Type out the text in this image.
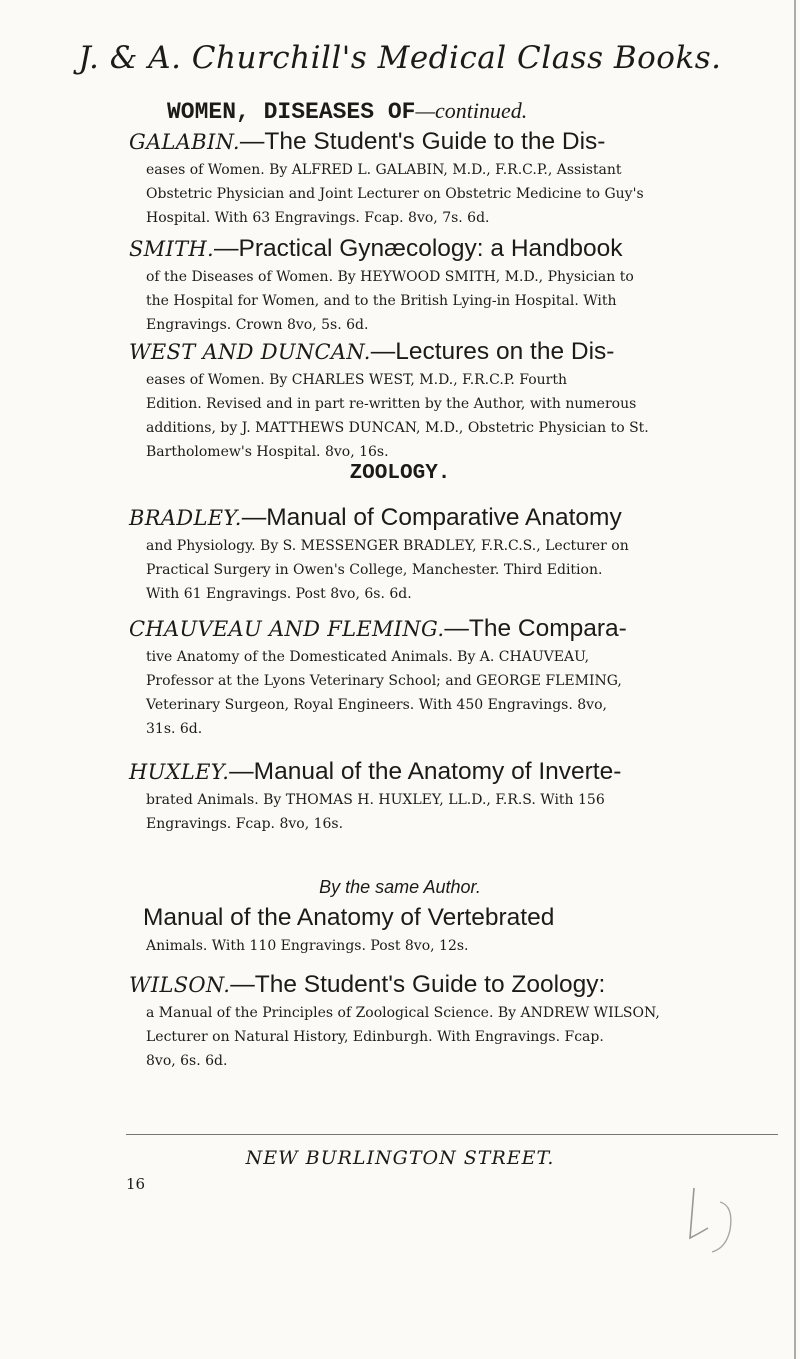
J. & A. Churchill's Medical Class Books.
WOMEN, DISEASES OF—continued.
GALABIN.—The Student's Guide to the Dis-
eases of Women. By ALFRED L. GALABIN, M.D., F.R.C.P., Assistant
Obstetric Physician and Joint Lecturer on Obstetric Medicine to Guy's
Hospital. With 63 Engravings. Fcap. 8vo, 7s. 6d.
SMITH.—Practical Gynæcology: a Handbook
of the Diseases of Women. By HEYWOOD SMITH, M.D., Physician to
the Hospital for Women, and to the British Lying-in Hospital. With
Engravings. Crown 8vo, 5s. 6d.
WEST AND DUNCAN.—Lectures on the Dis-
eases of Women. By CHARLES WEST, M.D., F.R.C.P. Fourth
Edition. Revised and in part re-written by the Author, with numerous
additions, by J. MATTHEWS DUNCAN, M.D., Obstetric Physician to St.
Bartholomew's Hospital. 8vo, 16s.
ZOOLOGY.
BRADLEY.—Manual of Comparative Anatomy
and Physiology. By S. MESSENGER BRADLEY, F.R.C.S., Lecturer on
Practical Surgery in Owen's College, Manchester. Third Edition.
With 61 Engravings. Post 8vo, 6s. 6d.
CHAUVEAU AND FLEMING.—The Compara-
tive Anatomy of the Domesticated Animals. By A. CHAUVEAU,
Professor at the Lyons Veterinary School; and GEORGE FLEMING,
Veterinary Surgeon, Royal Engineers. With 450 Engravings. 8vo,
31s. 6d.
HUXLEY.—Manual of the Anatomy of Inverte-
brated Animals. By THOMAS H. HUXLEY, LL.D., F.R.S. With 156
Engravings. Fcap. 8vo, 16s.
By the same Author.
Manual of the Anatomy of Vertebrated
Animals. With 110 Engravings. Post 8vo, 12s.
WILSON.—The Student's Guide to Zoology:
a Manual of the Principles of Zoological Science. By ANDREW WILSON,
Lecturer on Natural History, Edinburgh. With Engravings. Fcap.
8vo, 6s. 6d.
NEW BURLINGTON STREET.
16
